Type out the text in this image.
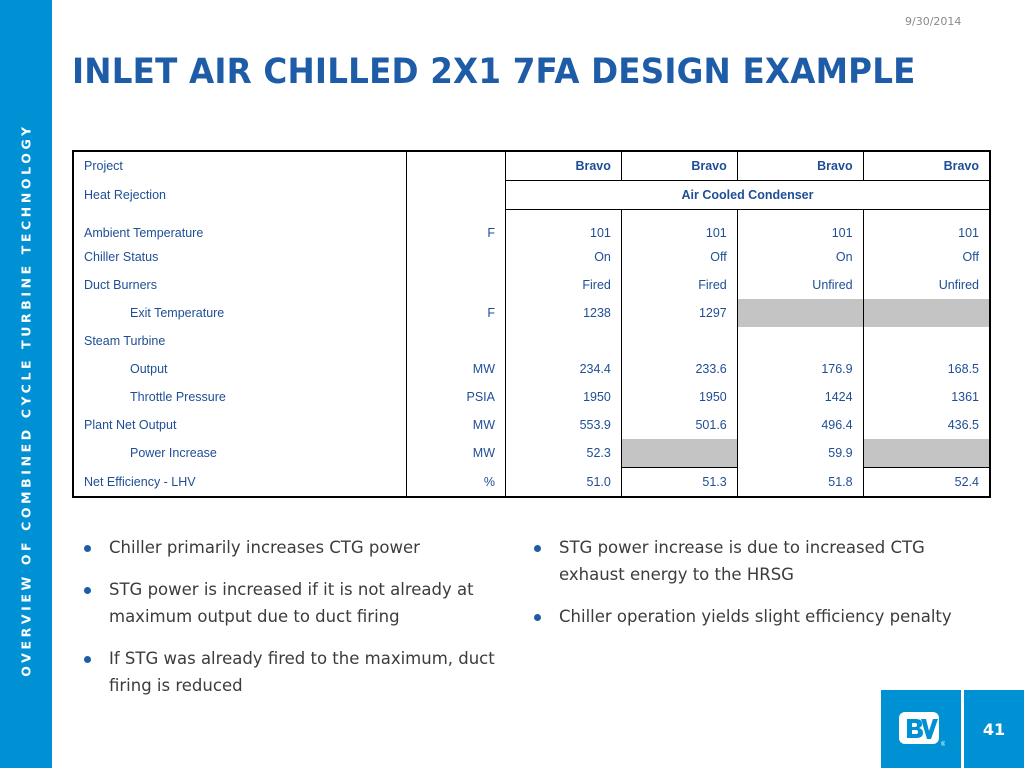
OVERVIEW OF COMBINED CYCLE TURBINE TECHNOLOGY
9/30/2014
INLET AIR CHILLED 2X1 7FA DESIGN EXAMPLE
Project		Bravo	Bravo	Bravo	Bravo
Heat Rejection		Air Cooled Condenser			
Ambient Temperature	F	101	101	101	101
Chiller Status		On	Off	On	Off
Duct Burners		Fired	Fired	Unfired	Unfired
Exit Temperature	F	1238	1297		
Steam Turbine					
Output	MW	234.4	233.6	176.9	168.5
Throttle Pressure	PSIA	1950	1950	1424	1361
Plant Net Output	MW	553.9	501.6	496.4	436.5
Power Increase	MW	52.3		59.9	
Net Efficiency - LHV	%	51.0	51.3	51.8	52.4
Chiller primarily increases CTG power
STG power is increased if it is not already at maximum output due to duct firing
If STG was already fired to the maximum, duct firing is reduced
STG power increase is due to increased CTG exhaust energy to the HRSG
Chiller operation yields slight efficiency penalty
®
41
